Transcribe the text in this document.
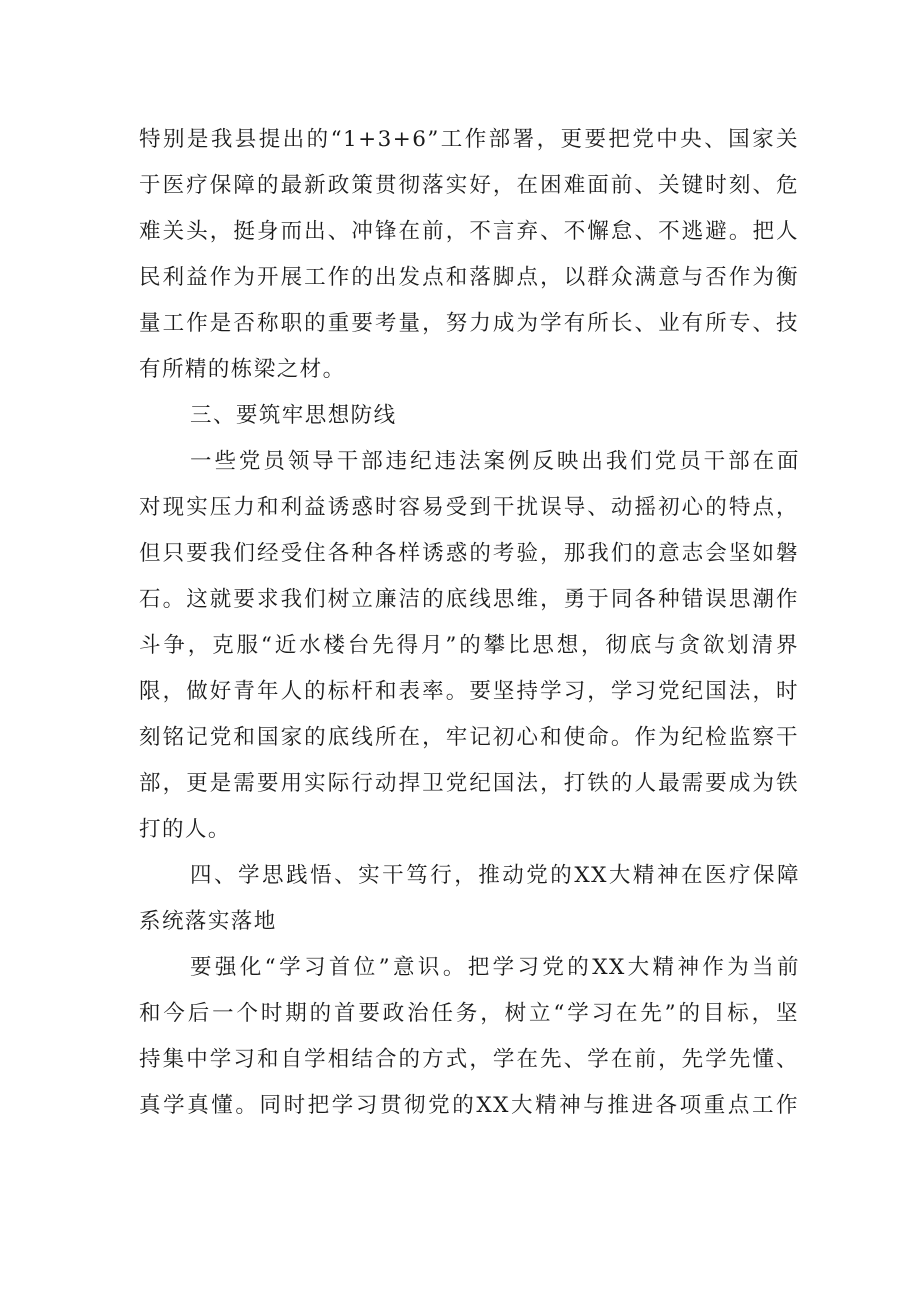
特别是我县提出的“1+3+6”工作部署，更要把党中央、国家关
于医疗保障的最新政策贯彻落实好，在困难面前、关键时刻、危
难关头，挺身而出、冲锋在前，不言弃、不懈怠、不逃避。把人
民利益作为开展工作的出发点和落脚点，以群众满意与否作为衡
量工作是否称职的重要考量，努力成为学有所长、业有所专、技
有所精的栋梁之材。
三、要筑牢思想防线
一些党员领导干部违纪违法案例反映出我们党员干部在面
对现实压力和利益诱惑时容易受到干扰误导、动摇初心的特点，
但只要我们经受住各种各样诱惑的考验，那我们的意志会坚如磐
石。这就要求我们树立廉洁的底线思维，勇于同各种错误思潮作
斗争，克服“近水楼台先得月”的攀比思想，彻底与贪欲划清界
限，做好青年人的标杆和表率。要坚持学习，学习党纪国法，时
刻铭记党和国家的底线所在，牢记初心和使命。作为纪检监察干
部，更是需要用实际行动捍卫党纪国法，打铁的人最需要成为铁
打的人。
四、学思践悟、实干笃行，推动党的XX大精神在医疗保障
系统落实落地
要强化“学习首位”意识。把学习党的XX大精神作为当前
和今后一个时期的首要政治任务，树立“学习在先”的目标，坚
持集中学习和自学相结合的方式，学在先、学在前，先学先懂、
真学真懂。同时把学习贯彻党的XX大精神与推进各项重点工作
